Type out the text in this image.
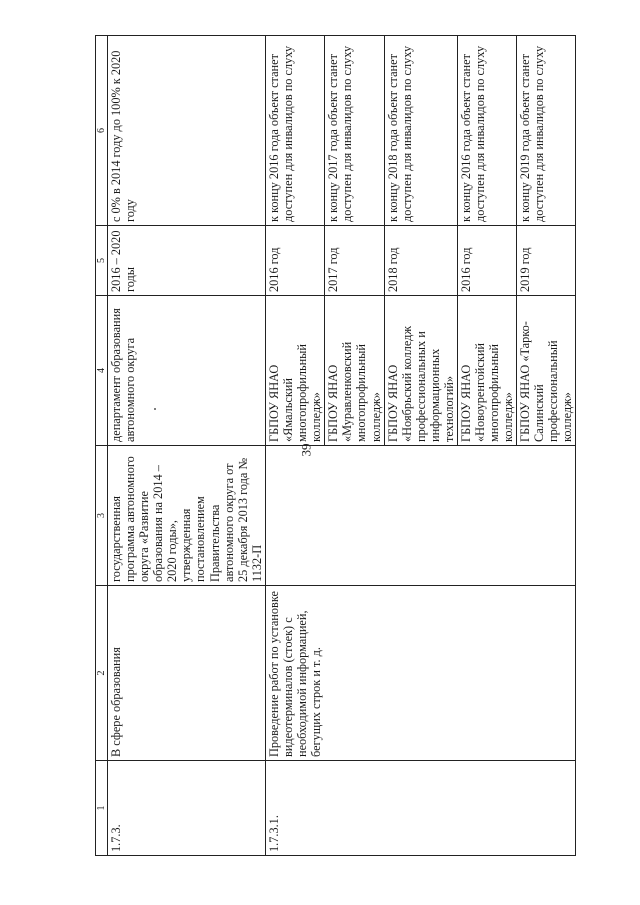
39
1	2	3	4	5	6
1.7.3.	В сфере образования	государственная программа автономного округа «Развитие образования на 2014 – 2020 годы», утвержденная постановлением Правительства автономного округа от 25 декабря 2013 года № 1132-П	департамент образования автономного округа	2016 – 2020 годы	с 0% в 2014 году до 100% к 2020 году
1.7.3.1.	Проведение работ по установке видеотерминалов (стоек) с необходимой информацией, бегущих строк и т. д.		ГБПОУ ЯНАО «Ямальский многопрофильный колледж»	2016 год	к концу 2016 года объект станет доступен для инвалидов по слуху
			ГБПОУ ЯНАО «Муравленковский многопрофильный колледж»	2017 год	к концу 2017 года объект станет доступен для инвалидов по слуху
			ГБПОУ ЯНАО «Ноябрьский колледж профессиональных и информационных технологий»	2018 год	к концу 2018 года объект станет доступен для инвалидов по слуху
			ГБПОУ ЯНАО «Новоуренгойский многопрофильный колледж»	2016 год	к концу 2016 года объект станет доступен для инвалидов по слуху
			ГБПОУ ЯНАО «Тарко-Салинский профессиональный колледж»	2019 год	к концу 2019 года объект станет доступен для инвалидов по слуху
